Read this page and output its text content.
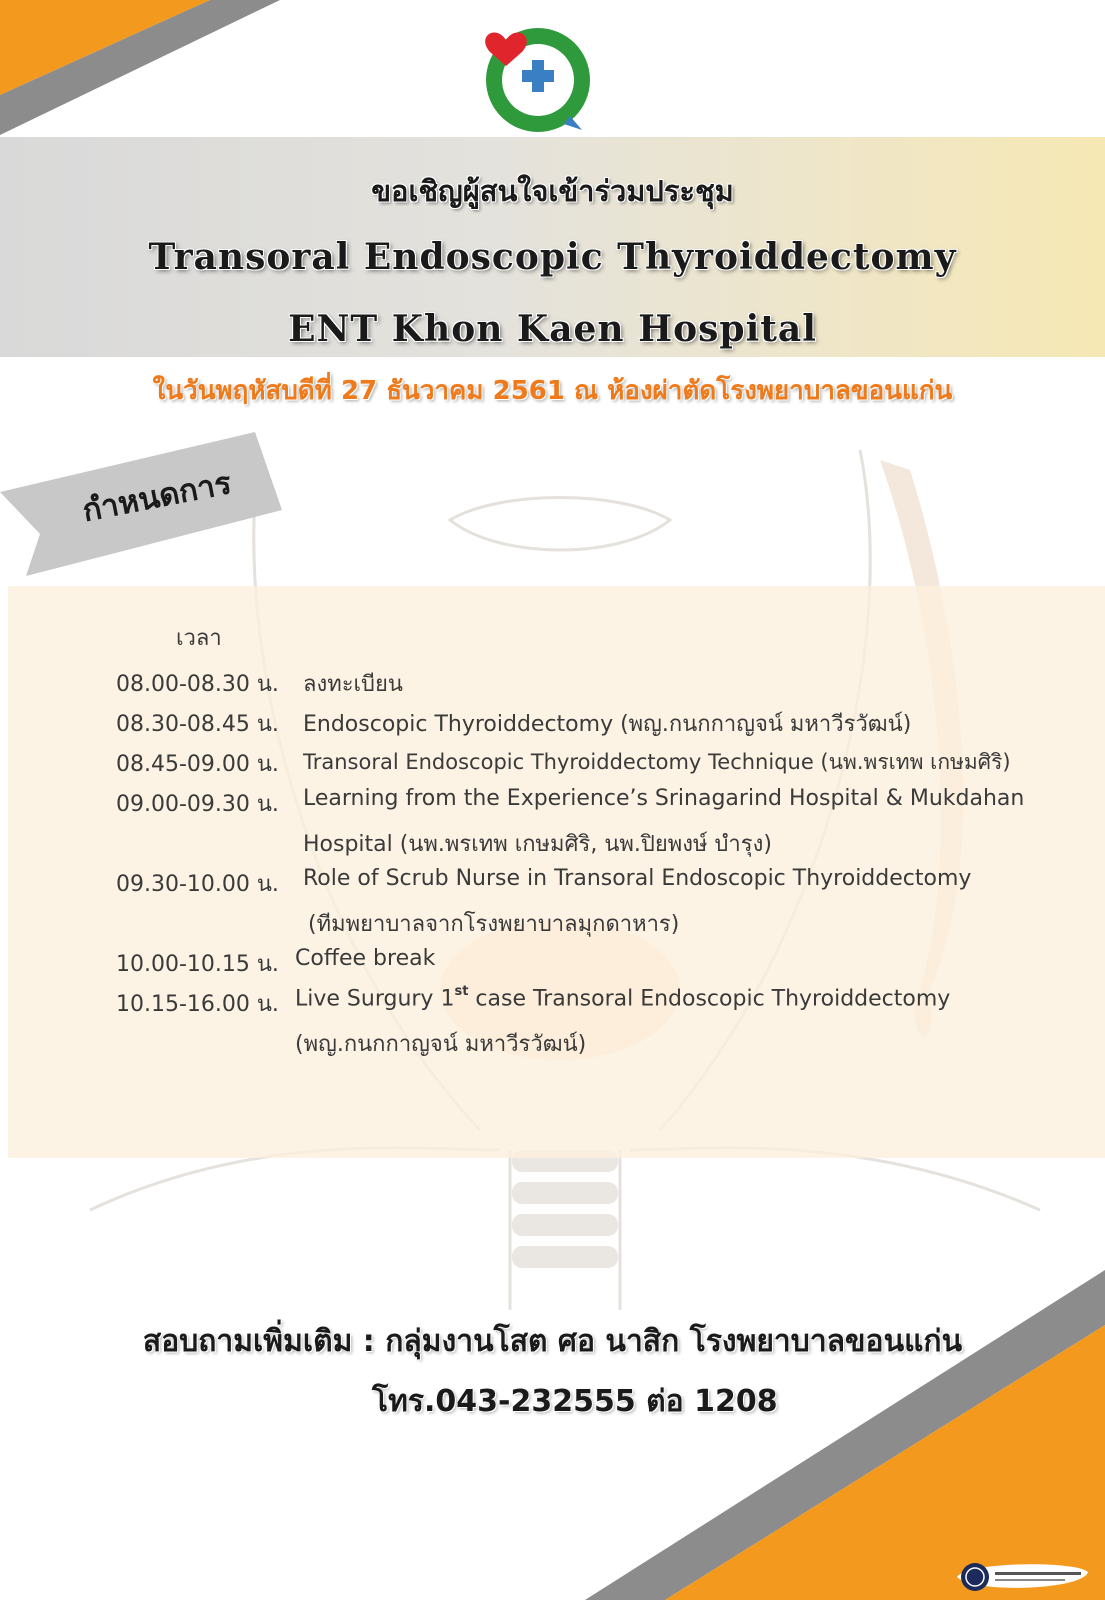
ขอเชิญผู้สนใจเข้าร่วมประชุม
Transoral Endoscopic Thyroiddectomy
ENT Khon Kaen Hospital
ในวันพฤหัสบดีที่ 27 ธันวาคม 2561 ณ ห้องผ่าตัดโรงพยาบาลขอนแก่น
กำหนดการ
เวลา
08.00-08.30 น. ลงทะเบียน
08.30-08.45 น. Endoscopic Thyroiddectomy (พญ.กนกกาญจน์ มหาวีรวัฒน์)
08.45-09.00 น. Transoral Endoscopic Thyroiddectomy Technique (นพ.พรเทพ เกษมศิริ)
09.00-09.30 น. Learning from the Experience’s Srinagarind Hospital & Mukdahan
Hospital (นพ.พรเทพ เกษมศิริ, นพ.ปิยพงษ์ บำรุง)
09.30-10.00 น. Role of Scrub Nurse in Transoral Endoscopic Thyroiddectomy
(ทีมพยาบาลจากโรงพยาบาลมุกดาหาร)
10.00-10.15 น. Coffee break
10.15-16.00 น. Live Surgury 1st case Transoral Endoscopic Thyroiddectomy
(พญ.กนกกาญจน์ มหาวีรวัฒน์)
สอบถามเพิ่มเติม : กลุ่มงานโสต ศอ นาสิก โรงพยาบาลขอนแก่น
โทร.043-232555 ต่อ 1208
